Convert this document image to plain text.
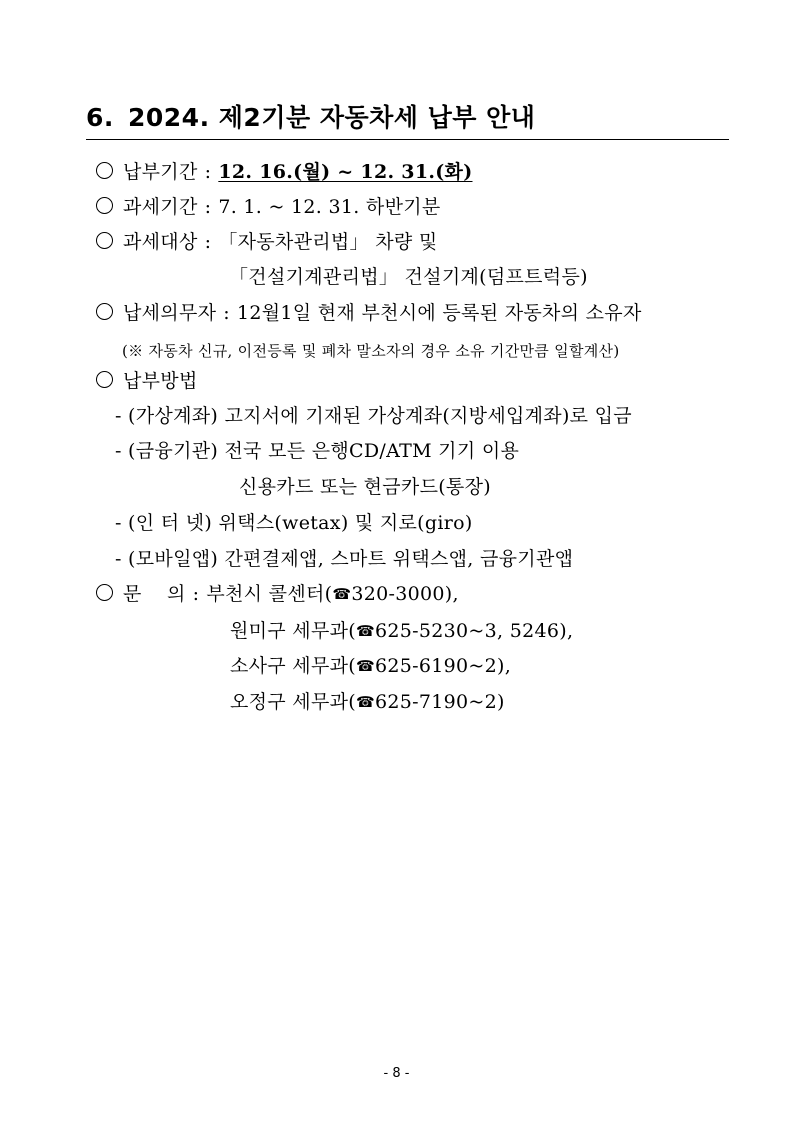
6. 2024. 제2기분 자동차세 납부 안내
납부기간 : 12. 16.(월) ~ 12. 31.(화)
과세기간 : 7. 1. ~ 12. 31. 하반기분
과세대상 : 「자동차관리법」 차량 및
「건설기계관리법」 건설기계(덤프트럭등)
납세의무자 : 12월1일 현재 부천시에 등록된 자동차의 소유자
(※ 자동차 신규, 이전등록 및 폐차 말소자의 경우 소유 기간만큼 일할계산)
납부방법
- (가상계좌) 고지서에 기재된 가상계좌(지방세입계좌)로 입금
- (금융기관) 전국 모든 은행CD/ATM 기기 이용
신용카드 또는 현금카드(통장)
- (인 터 넷) 위택스(wetax) 및 지로(giro)
- (모바일앱) 간편결제앱, 스마트 위택스앱, 금융기관앱
문    의 : 부천시 콜센터(☎320-3000),
원미구 세무과(☎625-5230~3, 5246),
소사구 세무과(☎625-6190~2),
오정구 세무과(☎625-7190~2)
- 8 -
